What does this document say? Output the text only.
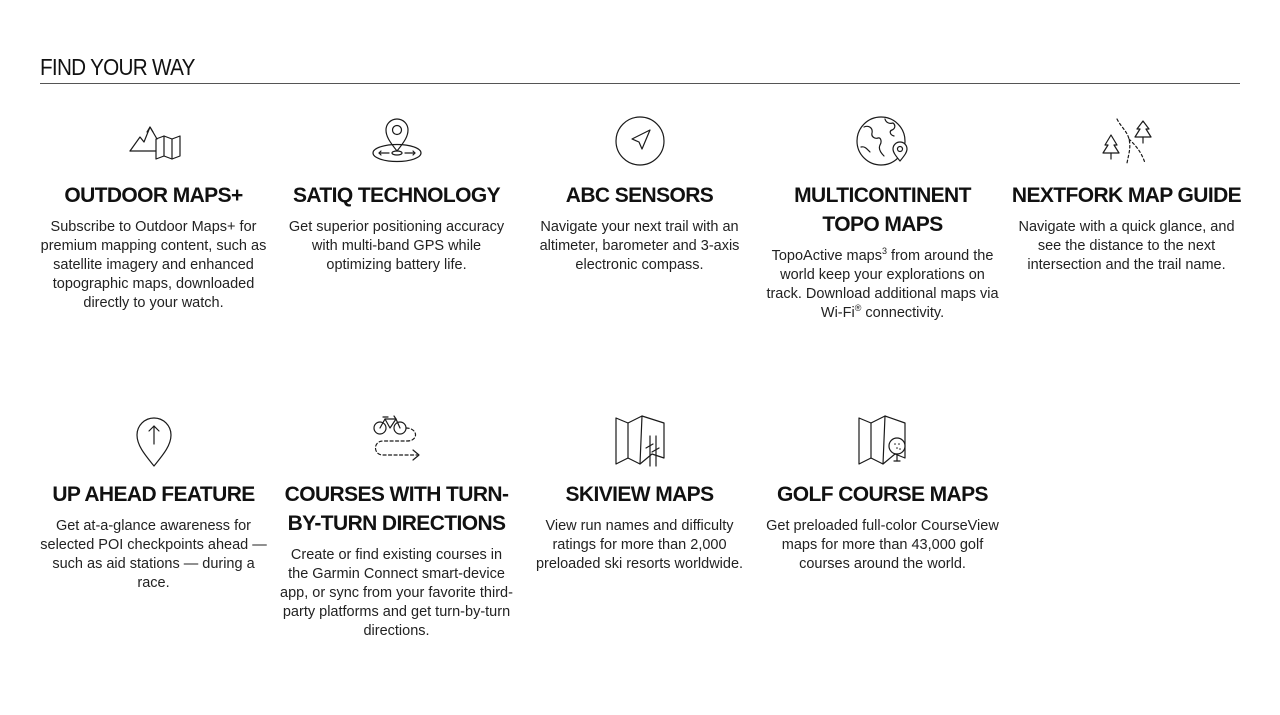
FIND YOUR WAY
OUTDOOR MAPS+

Subscribe to Outdoor Maps+ for premium mapping content, such as satellite imagery and enhanced topographic maps, downloaded directly to your watch.

SATIQ TECHNOLOGY

Get superior positioning accuracy with multi-band GPS while optimizing battery life.

ABC SENSORS

Navigate your next trail with an altimeter, barometer and 3-axis electronic compass.

MULTICONTINENT TOPO MAPS

TopoActive maps$^3$ from around the world keep your explorations on track. Download additional maps via Wi-Fi® connectivity.

NEXTFORK MAP GUIDE

Navigate with a quick glance, and see the distance to the next intersection and the trail name.

UP AHEAD FEATURE

Get at-a-glance awareness for selected POI checkpoints ahead — such as aid stations — during a race.

COURSES WITH TURN-BY-TURN DIRECTIONS

Create or find existing courses in the Garmin Connect smart-device app, or sync from your favorite third-party platforms and get turn-by-turn directions.

SKIVIEW MAPS

View run names and difficulty ratings for more than 2,000 preloaded ski resorts worldwide.

GOLF COURSE MAPS

Get preloaded full-color CourseView maps for more than 43,000 golf courses around the world.
